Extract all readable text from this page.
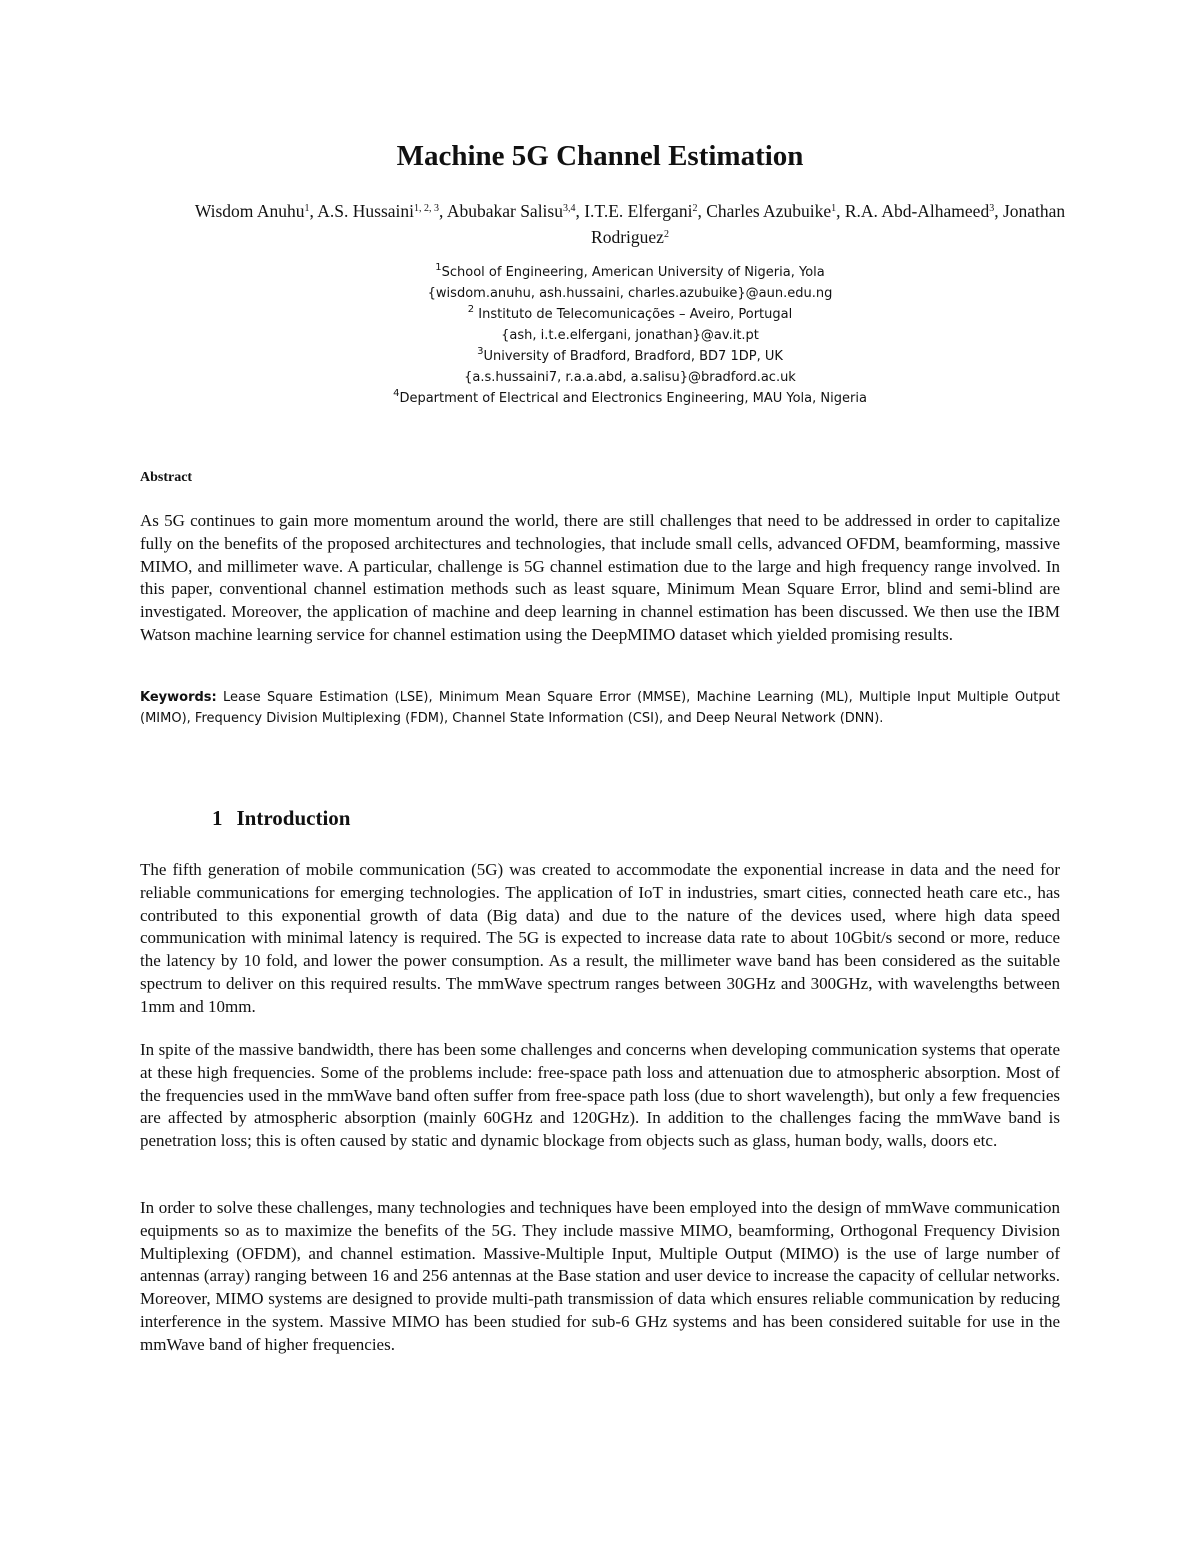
Machine 5G Channel Estimation

Wisdom Anuhu$^1$, A.S. Hussaini$^{1, 2, 3}$, Abubakar Salisu$^{3,4}$, I.T.E. Elfergani$^2$, Charles Azubuike$^1$, R.A. Abd-Alhameed$^3$, Jonathan Rodriguez$^2$

$^1$School of Engineering, American University of Nigeria, Yola

{wisdom.anuhu, ash.hussaini, charles.azubuike}@aun.edu.ng

$^2$ Instituto de Telecomunicações – Aveiro, Portugal

{ash, i.t.e.elfergani, jonathan}@av.it.pt

$^3$University of Bradford, Bradford, BD7 1DP, UK

{a.s.hussaini7, r.a.a.abd, a.salisu}@bradford.ac.uk

$^4$Department of Electrical and Electronics Engineering, MAU Yola, Nigeria

Abstract

As 5G continues to gain more momentum around the world, there are still challenges that need to be addressed in order to capitalize fully on the benefits of the proposed architectures and technologies, that include small cells, advanced OFDM, beamforming, massive MIMO, and millimeter wave. A particular, challenge is 5G channel estimation due to the large and high frequency range involved. In this paper, conventional channel estimation methods such as least square, Minimum Mean Square Error, blind and semi-blind are investigated. Moreover, the application of machine and deep learning in channel estimation has been discussed. We then use the IBM Watson machine learning service for channel estimation using the DeepMIMO dataset which yielded promising results.

Keywords: Lease Square Estimation (LSE), Minimum Mean Square Error (MMSE), Machine Learning (ML), Multiple Input Multiple Output (MIMO), Frequency Division Multiplexing (FDM), Channel State Information (CSI), and Deep Neural Network (DNN).

1 Introduction

The fifth generation of mobile communication (5G) was created to accommodate the exponential increase in data and the need for reliable communications for emerging technologies. The application of IoT in industries, smart cities, connected heath care etc., has contributed to this exponential growth of data (Big data) and due to the nature of the devices used, where high data speed communication with minimal latency is required. The 5G is expected to increase data rate to about 10Gbit/s second or more, reduce the latency by 10 fold, and lower the power consumption. As a result, the millimeter wave band has been considered as the suitable spectrum to deliver on this required results. The mmWave spectrum ranges between 30GHz and 300GHz, with wavelengths between 1mm and 10mm.

In spite of the massive bandwidth, there has been some challenges and concerns when developing communication systems that operate at these high frequencies. Some of the problems include: free-space path loss and attenuation due to atmospheric absorption. Most of the frequencies used in the mmWave band often suffer from free-space path loss (due to short wavelength), but only a few frequencies are affected by atmospheric absorption (mainly 60GHz and 120GHz). In addition to the challenges facing the mmWave band is penetration loss; this is often caused by static and dynamic blockage from objects such as glass, human body, walls, doors etc.

In order to solve these challenges, many technologies and techniques have been employed into the design of mmWave communication equipments so as to maximize the benefits of the 5G. They include massive MIMO, beamforming, Orthogonal Frequency Division Multiplexing (OFDM), and channel estimation. Massive-Multiple Input, Multiple Output (MIMO) is the use of large number of antennas (array) ranging between 16 and 256 antennas at the Base station and user device to increase the capacity of cellular networks. Moreover, MIMO systems are designed to provide multi-path transmission of data which ensures reliable communication by reducing interference in the system. Massive MIMO has been studied for sub-6 GHz systems and has been considered suitable for use in the mmWave band of higher frequencies.
